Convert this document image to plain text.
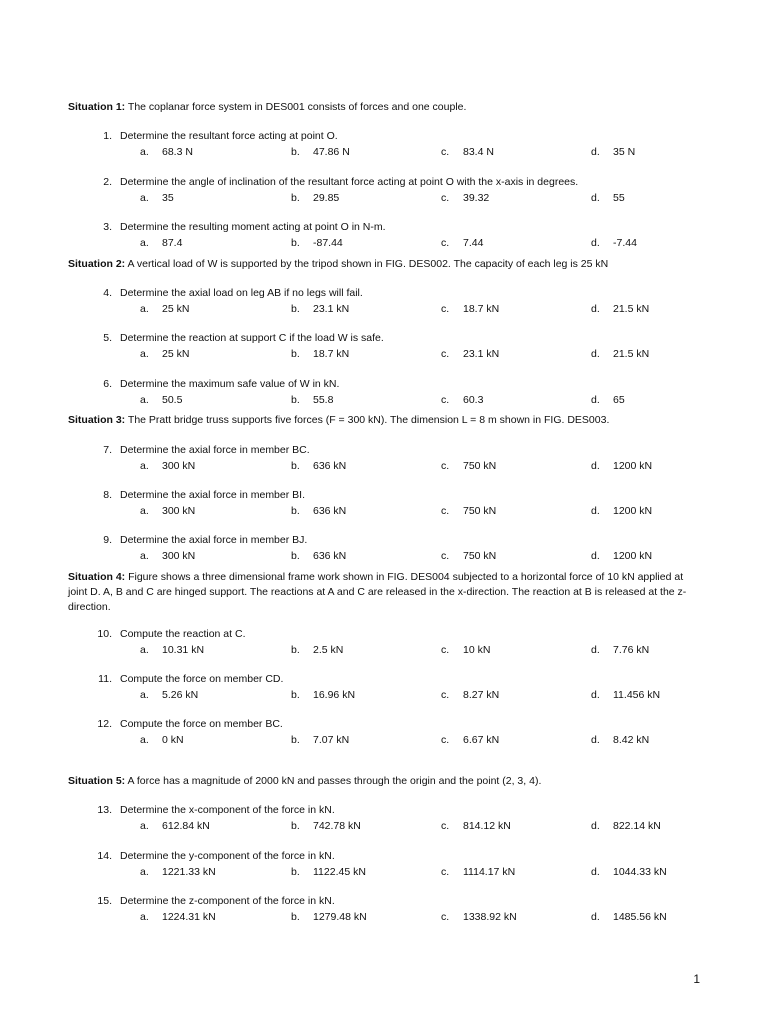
Situation 1: The coplanar force system in DES001 consists of forces and one couple.
Situation 2: A vertical load of W is supported by the tripod shown in FIG. DES002. The capacity of each leg is 25 kN
Situation 3: The Pratt bridge truss supports five forces (F = 300 kN). The dimension L = 8 m shown in FIG. DES003.
Situation 4: Figure shows a three dimensional frame work shown in FIG. DES004 subjected to a horizontal force of 10 kN applied at joint D. A, B and C are hinged support. The reactions at A and C are released in the x-direction. The reaction at B is released at the z-direction.
Situation 5: A force has a magnitude of 2000 kN and passes through the origin and the point (2, 3, 4).
1. Determine the resultant force acting at point O.
a. 68.3 N	b. 47.86 N	c. 83.4 N	d. 35 N
2. Determine the angle of inclination of the resultant force acting at point O with the x-axis in degrees.
a. 35	b. 29.85	c. 39.32	d. 55
3. Determine the resulting moment acting at point O in N-m.
a. 87.4	b. -87.44	c. 7.44	d. -7.44
4. Determine the axial load on leg AB if no legs will fail.
a. 25 kN	b. 23.1 kN	c. 18.7 kN	d. 21.5 kN
5. Determine the reaction at support C if the load W is safe.
a. 25 kN	b. 18.7 kN	c. 23.1 kN	d. 21.5 kN
6. Determine the maximum safe value of W in kN.
a. 50.5	b. 55.8	c. 60.3	d. 65
7. Determine the axial force in member BC.
a. 300 kN	b. 636 kN	c. 750 kN	d. 1200 kN
8. Determine the axial force in member BI.
a. 300 kN	b. 636 kN	c. 750 kN	d. 1200 kN
9. Determine the axial force in member BJ.
a. 300 kN	b. 636 kN	c. 750 kN	d. 1200 kN
10. Compute the reaction at C.
a. 10.31 kN	b. 2.5 kN	c. 10 kN	d. 7.76 kN
11. Compute the force on member CD.
a. 5.26 kN	b. 16.96 kN	c. 8.27 kN	d. 11.456 kN
12. Compute the force on member BC.
a. 0 kN	b. 7.07 kN	c. 6.67 kN	d. 8.42 kN
13. Determine the x-component of the force in kN.
a. 612.84 kN	b. 742.78 kN	c. 814.12 kN	d. 822.14 kN
14. Determine the y-component of the force in kN.
a. 1221.33 kN	b. 1122.45 kN	c. 1114.17 kN	d. 1044.33 kN
15. Determine the z-component of the force in kN.
a. 1224.31 kN	b. 1279.48 kN	c. 1338.92 kN	d. 1485.56 kN
1
